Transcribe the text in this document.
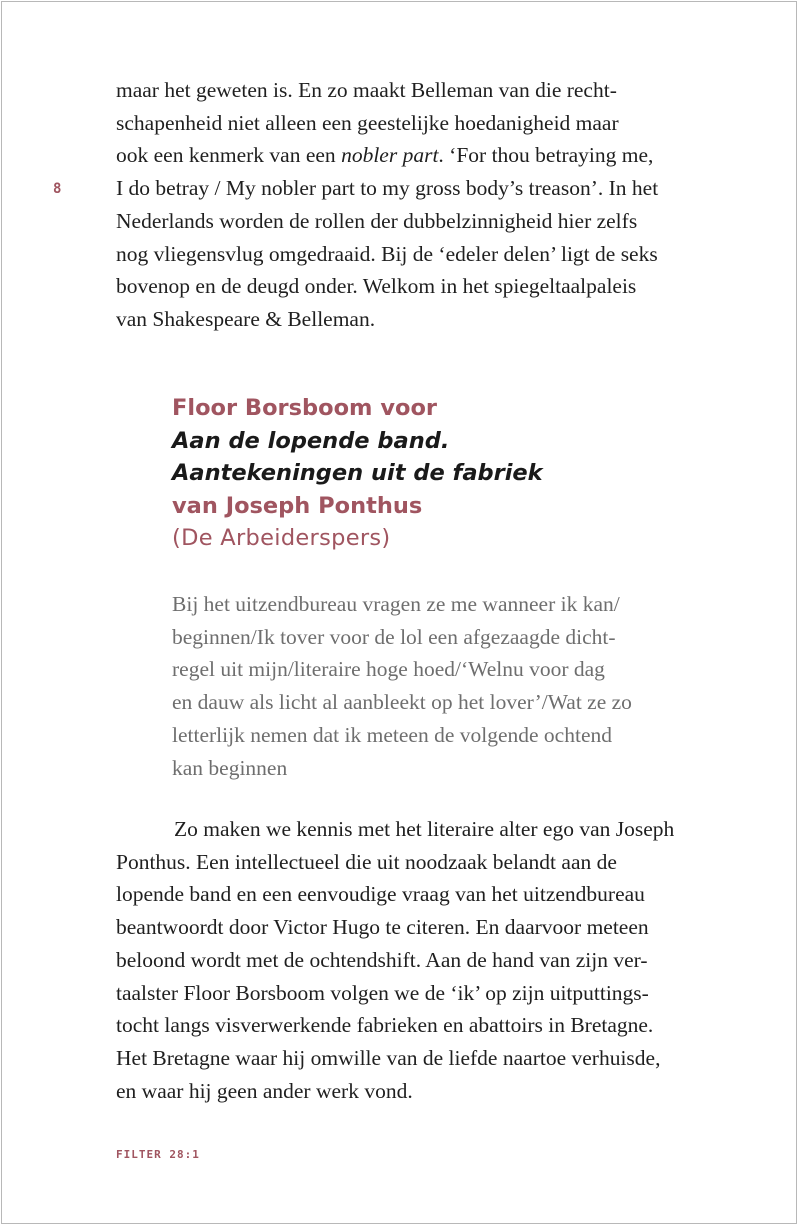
8

maar het geweten is. En zo maakt Belleman van die recht-
schapenheid niet alleen een geestelijke hoedanigheid maar
ook een kenmerk van een nobler part. ‘For thou betraying me,
I do betray / My nobler part to my gross body’s treason’. In het
Nederlands worden de rollen der dubbelzinnigheid hier zelfs
nog vliegensvlug omgedraaid. Bij de ‘edeler delen’ ligt de seks
bovenop en de deugd onder. Welkom in het spiegeltaalpaleis
van Shakespeare & Belleman.

Floor Borsboom voor
Aan de lopende band.
Aantekeningen uit de fabriek
van Joseph Ponthus
(De Arbeiderspers)
Bij het uitzendbureau vragen ze me wanneer ik kan/
beginnen/Ik tover voor de lol een afgezaagde dicht-
regel uit mijn/literaire hoge hoed/‘Welnu voor dag
en dauw als licht al aanbleekt op het lover’/Wat ze zo
letterlijk nemen dat ik meteen de volgende ochtend
kan beginnen

Zo maken we kennis met het literaire alter ego van Joseph
Ponthus. Een intellectueel die uit noodzaak belandt aan de
lopende band en een eenvoudige vraag van het uitzendbureau
beantwoordt door Victor Hugo te citeren. En daarvoor meteen
beloond wordt met de ochtendshift. Aan de hand van zijn ver-
taalster Floor Borsboom volgen we de ‘ik’ op zijn uitputtings-
tocht langs visverwerkende fabrieken en abattoirs in Bretagne.
Het Bretagne waar hij omwille van de liefde naartoe verhuisde,
en waar hij geen ander werk vond.

FILTER 28:1
